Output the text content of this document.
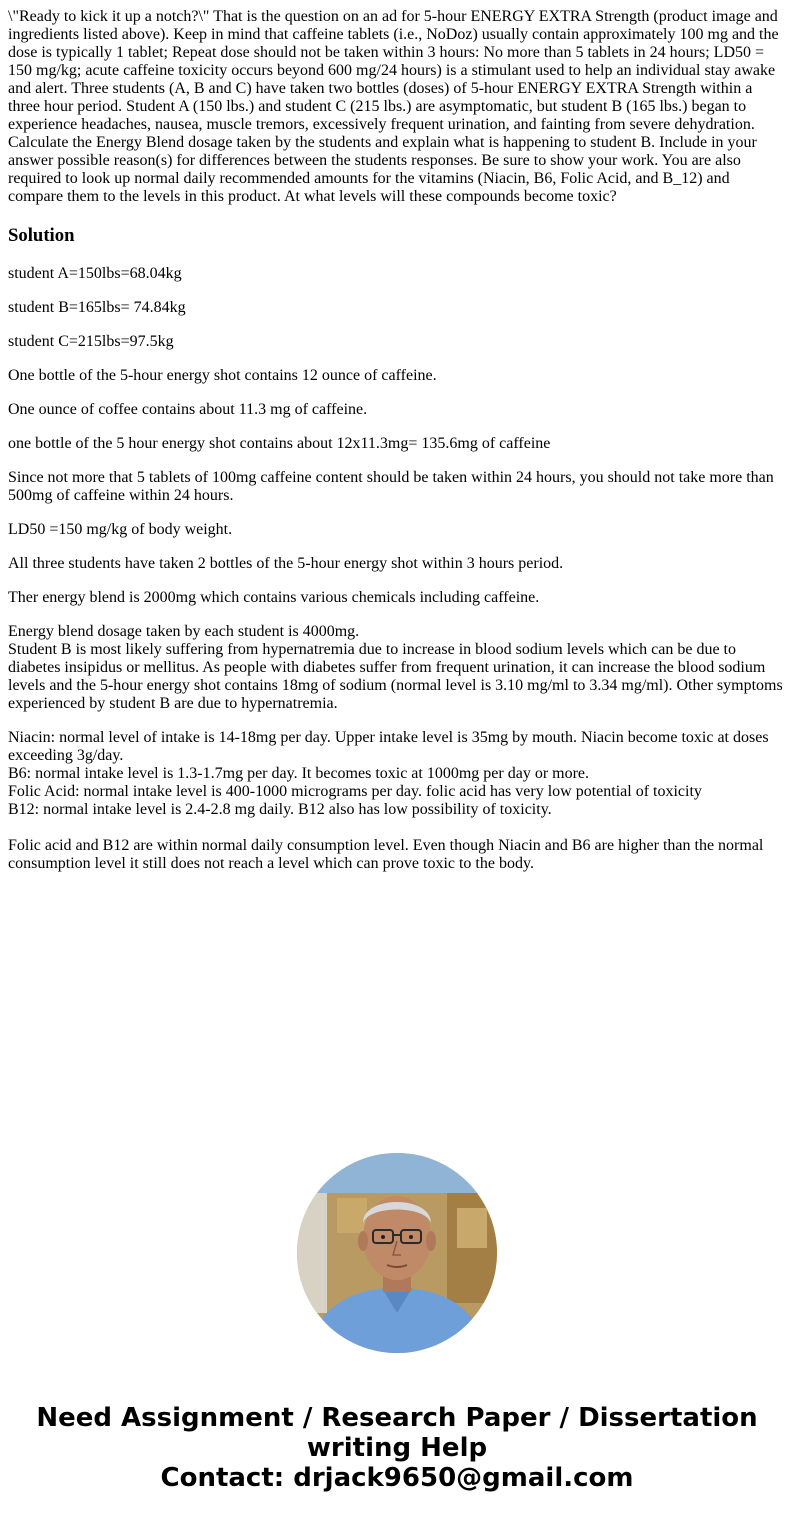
\"Ready to kick it up a notch?\" That is the question on an ad for 5-hour ENERGY EXTRA Strength (product image and ingredients listed above). Keep in mind that caffeine tablets (i.e., NoDoz) usually contain approximately 100 mg and the dose is typically 1 tablet; Repeat dose should not be taken within 3 hours: No more than 5 tablets in 24 hours; LD50 = 150 mg/kg; acute caffeine toxicity occurs beyond 600 mg/24 hours) is a stimulant used to help an individual stay awake and alert. Three students (A, B and C) have taken two bottles (doses) of 5-hour ENERGY EXTRA Strength within a three hour period. Student A (150 lbs.) and student C (215 lbs.) are asymptomatic, but student B (165 lbs.) began to experience headaches, nausea, muscle tremors, excessively frequent urination, and fainting from severe dehydration. Calculate the Energy Blend dosage taken by the students and explain what is happening to student B. Include in your answer possible reason(s) for differences between the students responses. Be sure to show your work. You are also required to look up normal daily recommended amounts for the vitamins (Niacin, B6, Folic Acid, and B_12) and compare them to the levels in this product. At what levels will these compounds become toxic?

Solution

student A=150lbs=68.04kg

student B=165lbs= 74.84kg

student C=215lbs=97.5kg

One bottle of the 5-hour energy shot contains 12 ounce of caffeine.

One ounce of coffee contains about 11.3 mg of caffeine.

one bottle of the 5 hour energy shot contains about 12x11.3mg= 135.6mg of caffeine

Since not more that 5 tablets of 100mg caffeine content should be taken within 24 hours, you should not take more than 500mg of caffeine within 24 hours.

LD50 =150 mg/kg of body weight.

All three students have taken 2 bottles of the 5-hour energy shot within 3 hours period.

Ther energy blend is 2000mg which contains various chemicals including caffeine.

Energy blend dosage taken by each student is 4000mg.
Student B is most likely suffering from hypernatremia due to increase in blood sodium levels which can be due to diabetes insipidus or mellitus. As people with diabetes suffer from frequent urination, it can increase the blood sodium levels and the 5-hour energy shot contains 18mg of sodium (normal level is 3.10 mg/ml to 3.34 mg/ml). Other symptoms experienced by student B are due to hypernatremia.

Niacin: normal level of intake is 14-18mg per day. Upper intake level is 35mg by mouth. Niacin become toxic at doses exceeding 3g/day.
B6: normal intake level is 1.3-1.7mg per day. It becomes toxic at 1000mg per day or more.
Folic Acid: normal intake level is 400-1000 micrograms per day. folic acid has very low potential of toxicity
B12: normal intake level is 2.4-2.8 mg daily. B12 also has low possibility of toxicity.
Folic acid and B12 are within normal daily consumption level. Even though Niacin and B6 are higher than the normal consumption level it still does not reach a level which can prove toxic to the body.

Need Assignment / Research Paper / Dissertation
writing Help
Contact: drjack9650@gmail.com
